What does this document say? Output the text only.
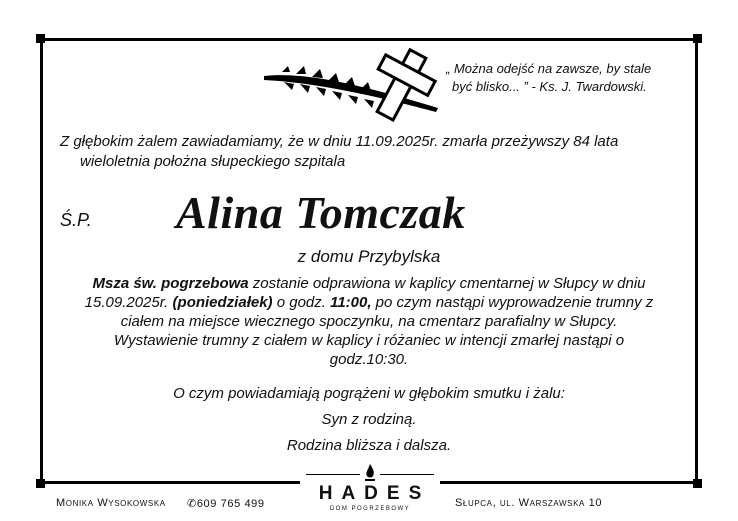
„ Można odejść na zawsze, by stale
być blisko... ” - Ks. J. Twardowski.
Z głębokim żalem zawiadamiamy, że w dniu 11.09.2025r. zmarła przeżywszy 84 lata
wieloletnia położna słupeckiego szpitala
Ś.P. Alina Tomczak
z domu Przybylska
Msza św. pogrzebowa zostanie odprawiona w kaplicy cmentarnej w Słupcy w dniu
15.09.2025r. (poniedziałek) o godz. 11:00, po czym nastąpi wyprowadzenie trumny z
ciałem na miejsce wiecznego spoczynku, na cmentarz parafialny w Słupcy.
Wystawienie trumny z ciałem w kaplicy i różaniec w intencji zmarłej nastąpi o
godz.10:30.
O czym powiadamiają pogrążeni w głębokim smutku i żalu:
Syn z rodziną.
Rodzina bliższa i dalsza.
Monika Wysokowska ✆609 765 499	Słupca, ul. Warszawska 10
HADES
DOM POGRZEBOWY
